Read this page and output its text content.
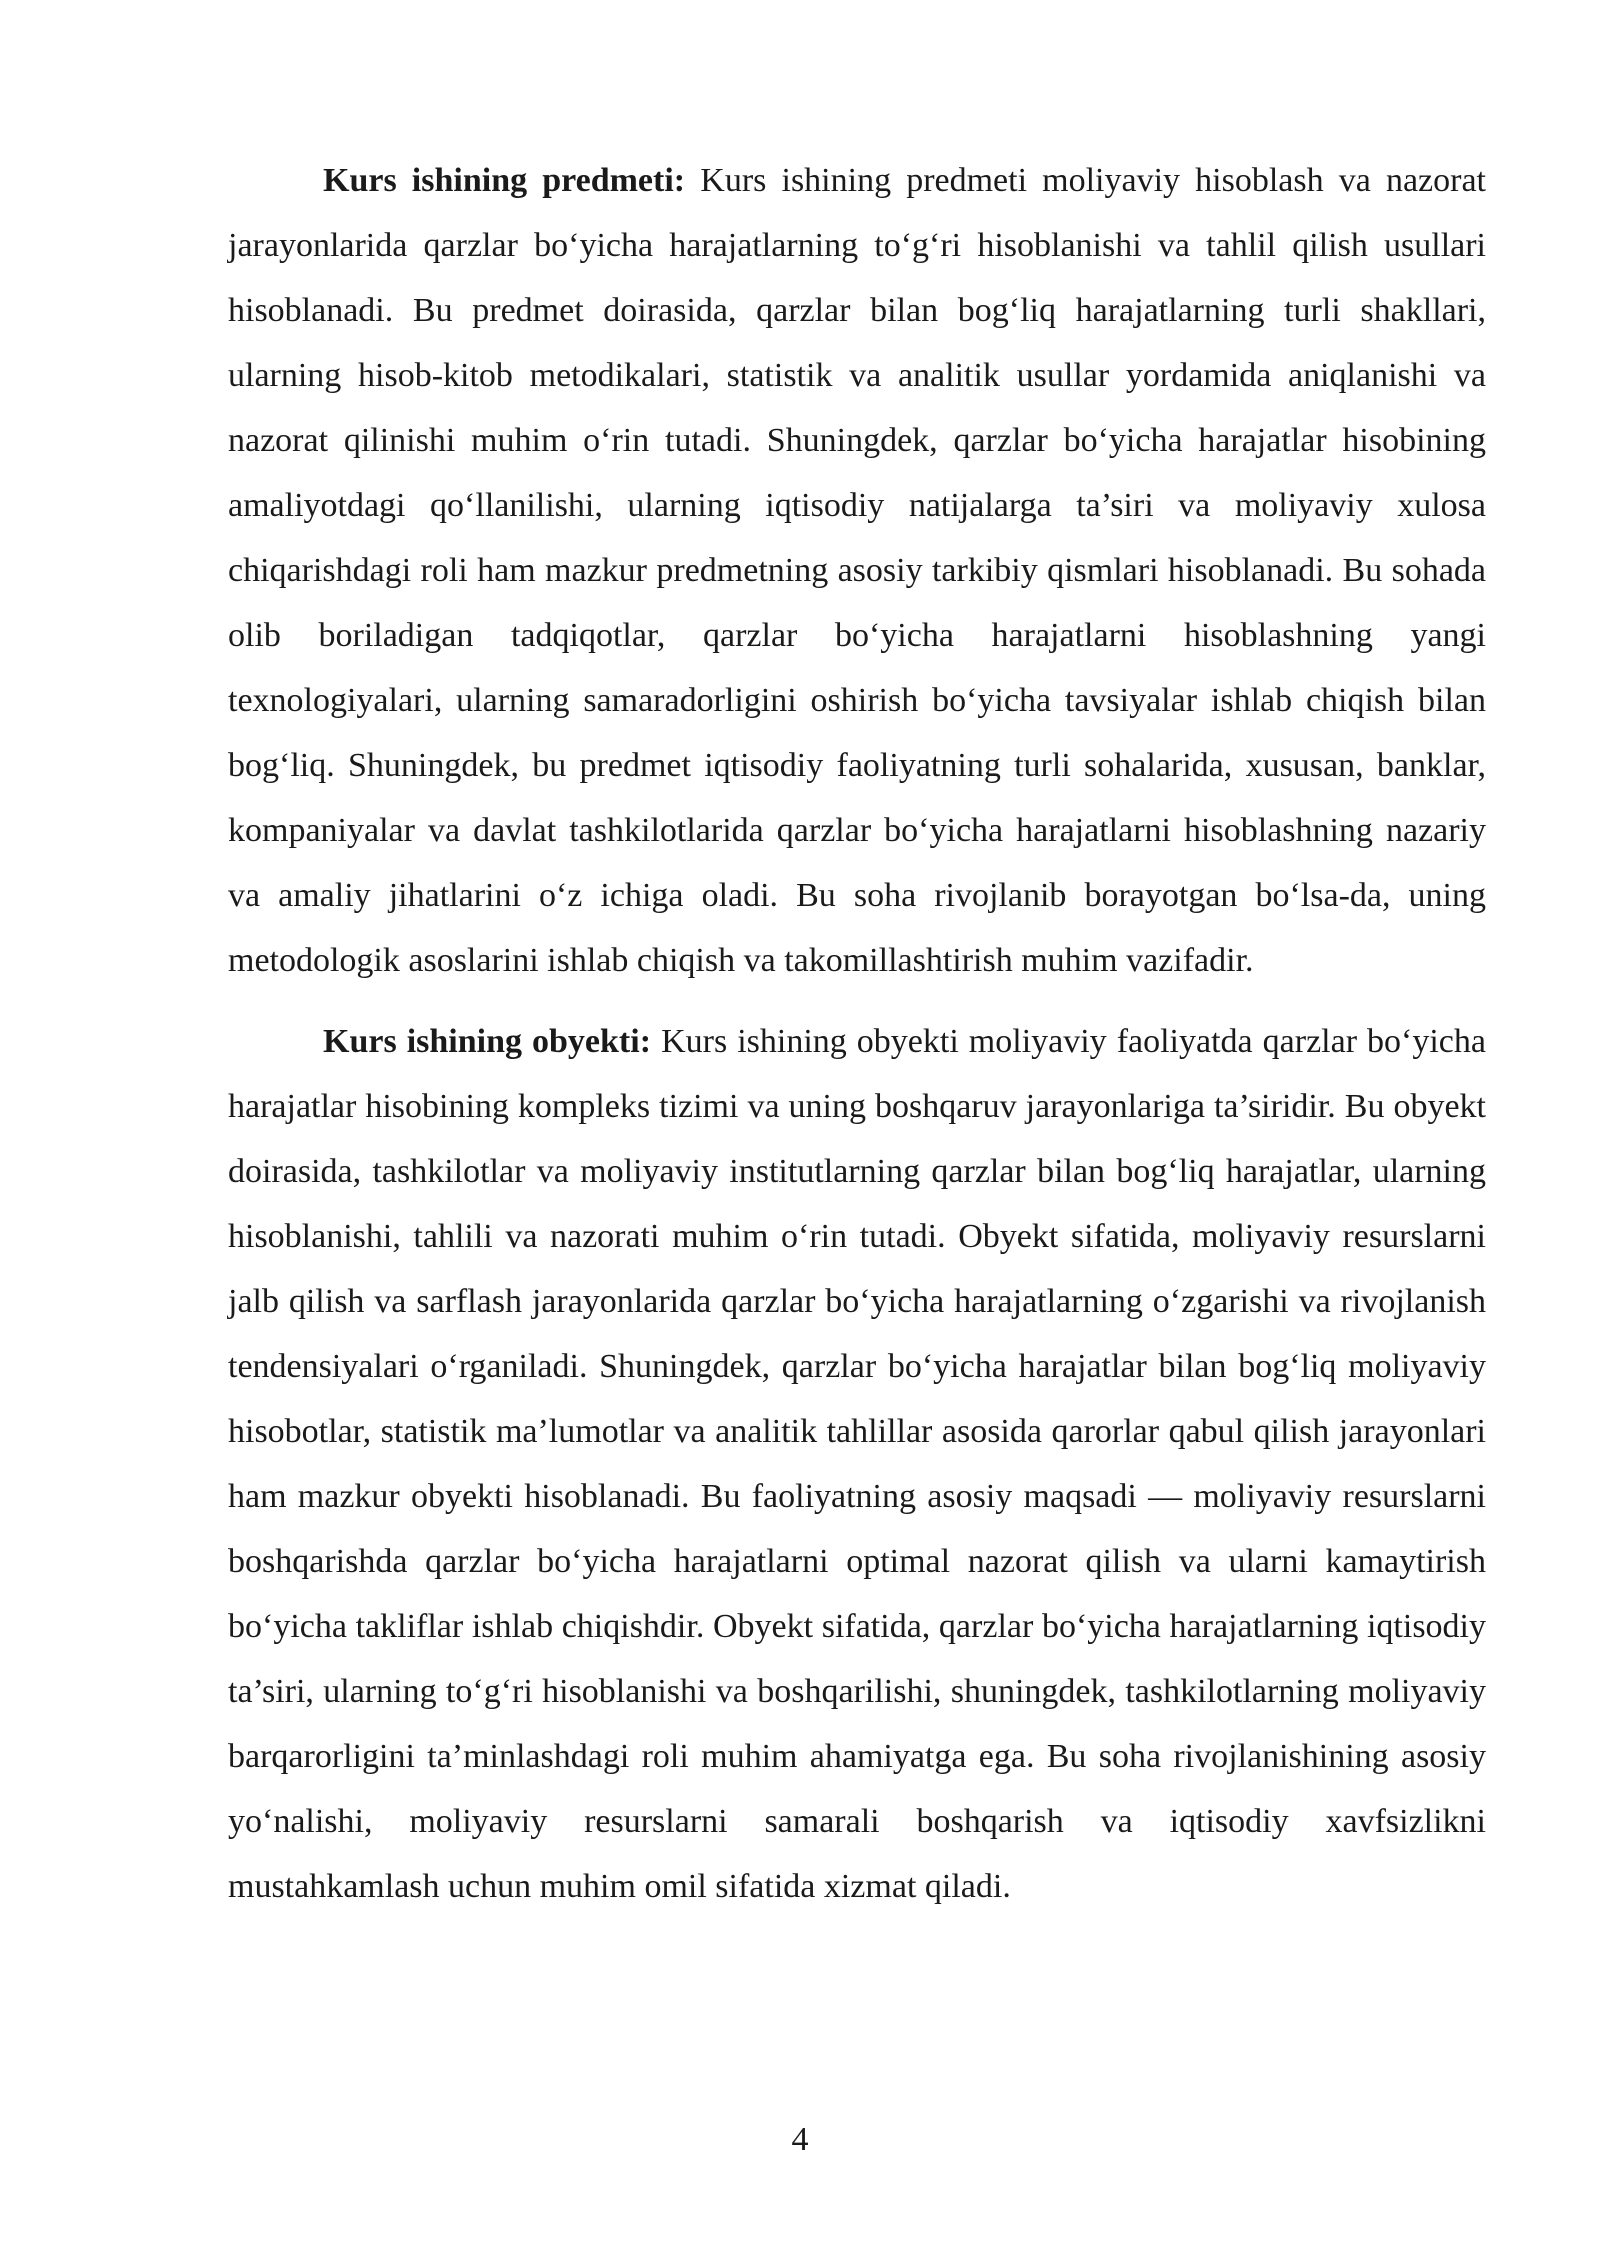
Kurs ishining predmeti: Kurs ishining predmeti moliyaviy hisoblash va nazorat jarayonlarida qarzlar bo‘yicha harajatlarning to‘g‘ri hisoblanishi va tahlil qilish usullari hisoblanadi. Bu predmet doirasida, qarzlar bilan bog‘liq harajatlarning turli shakllari, ularning hisob-kitob metodikalari, statistik va analitik usullar yordamida aniqlanishi va nazorat qilinishi muhim o‘rin tutadi. Shuningdek, qarzlar bo‘yicha harajatlar hisobining amaliyotdagi qo‘llanilishi, ularning iqtisodiy natijalarga ta’siri va moliyaviy xulosa chiqarishdagi roli ham mazkur predmetning asosiy tarkibiy qismlari hisoblanadi. Bu sohada olib boriladigan tadqiqotlar, qarzlar bo‘yicha harajatlarni hisoblashning yangi texnologiyalari, ularning samaradorligini oshirish bo‘yicha tavsiyalar ishlab chiqish bilan bog‘liq. Shuningdek, bu predmet iqtisodiy faoliyatning turli sohalarida, xususan, banklar, kompaniyalar va davlat tashkilotlarida qarzlar bo‘yicha harajatlarni hisoblashning nazariy va amaliy jihatlarini o‘z ichiga oladi. Bu soha rivojlanib borayotgan bo‘lsa-da, uning metodologik asoslarini ishlab chiqish va takomillashtirish muhim vazifadir.

Kurs ishining obyekti: Kurs ishining obyekti moliyaviy faoliyatda qarzlar bo‘yicha harajatlar hisobining kompleks tizimi va uning boshqaruv jarayonlariga ta’siridir. Bu obyekt doirasida, tashkilotlar va moliyaviy institutlarning qarzlar bilan bog‘liq harajatlar, ularning hisoblanishi, tahlili va nazorati muhim o‘rin tutadi. Obyekt sifatida, moliyaviy resurslarni jalb qilish va sarflash jarayonlarida qarzlar bo‘yicha harajatlarning o‘zgarishi va rivojlanish tendensiyalari o‘rganiladi. Shuningdek, qarzlar bo‘yicha harajatlar bilan bog‘liq moliyaviy hisobotlar, statistik ma’lumotlar va analitik tahlillar asosida qarorlar qabul qilish jarayonlari ham mazkur obyekti hisoblanadi. Bu faoliyatning asosiy maqsadi — moliyaviy resurslarni boshqarishda qarzlar bo‘yicha harajatlarni optimal nazorat qilish va ularni kamaytirish bo‘yicha takliflar ishlab chiqishdir. Obyekt sifatida, qarzlar bo‘yicha harajatlarning iqtisodiy ta’siri, ularning to‘g‘ri hisoblanishi va boshqarilishi, shuningdek, tashkilotlarning moliyaviy barqarorligini ta’minlashdagi roli muhim ahamiyatga ega. Bu soha rivojlanishining asosiy yo‘nalishi, moliyaviy resurslarni samarali boshqarish va iqtisodiy xavfsizlikni mustahkamlash uchun muhim omil sifatida xizmat qiladi.

4
